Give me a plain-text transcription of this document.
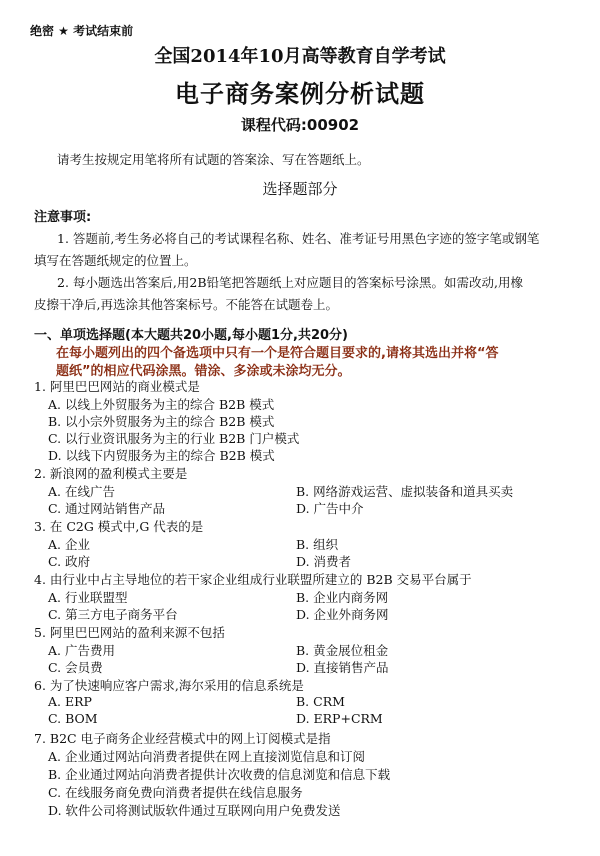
绝密 ★ 考试结束前
全国2014年10月高等教育自学考试
电子商务案例分析试题
课程代码:00902
请考生按规定用笔将所有试题的答案涂、写在答题纸上。
选择题部分
注意事项:
1. 答题前,考生务必将自己的考试课程名称、姓名、准考证号用黑色字迹的签字笔或钢笔
填写在答题纸规定的位置上。
2. 每小题选出答案后,用2B铅笔把答题纸上对应题目的答案标号涂黑。如需改动,用橡
皮擦干净后,再选涂其他答案标号。不能答在试题卷上。
一、单项选择题(本大题共20小题,每小题1分,共20分)
在每小题列出的四个备选项中只有一个是符合题目要求的,请将其选出并将“答
题纸”的相应代码涂黑。错涂、多涂或未涂均无分。
1. 阿里巴巴网站的商业模式是
A. 以线上外贸服务为主的综合 B2B 模式
B. 以小宗外贸服务为主的综合 B2B 模式
C. 以行业资讯服务为主的行业 B2B 门户模式
D. 以线下内贸服务为主的综合 B2B 模式
2. 新浪网的盈利模式主要是
A. 在线广告	B. 网络游戏运营、虚拟装备和道具买卖
C. 通过网站销售产品	D. 广告中介
3. 在 C2G 模式中,G 代表的是
A. 企业	B. 组织
C. 政府	D. 消费者
4. 由行业中占主导地位的若干家企业组成行业联盟所建立的 B2B 交易平台属于
A. 行业联盟型	B. 企业内商务网
C. 第三方电子商务平台	D. 企业外商务网
5. 阿里巴巴网站的盈利来源不包括
A. 广告费用	B. 黄金展位租金
C. 会员费	D. 直接销售产品
6. 为了快速响应客户需求,海尔采用的信息系统是
A. ERP	B. CRM
C. BOM	D. ERP+CRM
7. B2C 电子商务企业经营模式中的网上订阅模式是指
A. 企业通过网站向消费者提供在网上直接浏览信息和订阅
B. 企业通过网站向消费者提供计次收费的信息浏览和信息下载
C. 在线服务商免费向消费者提供在线信息服务
D. 软件公司将测试版软件通过互联网向用户免费发送
